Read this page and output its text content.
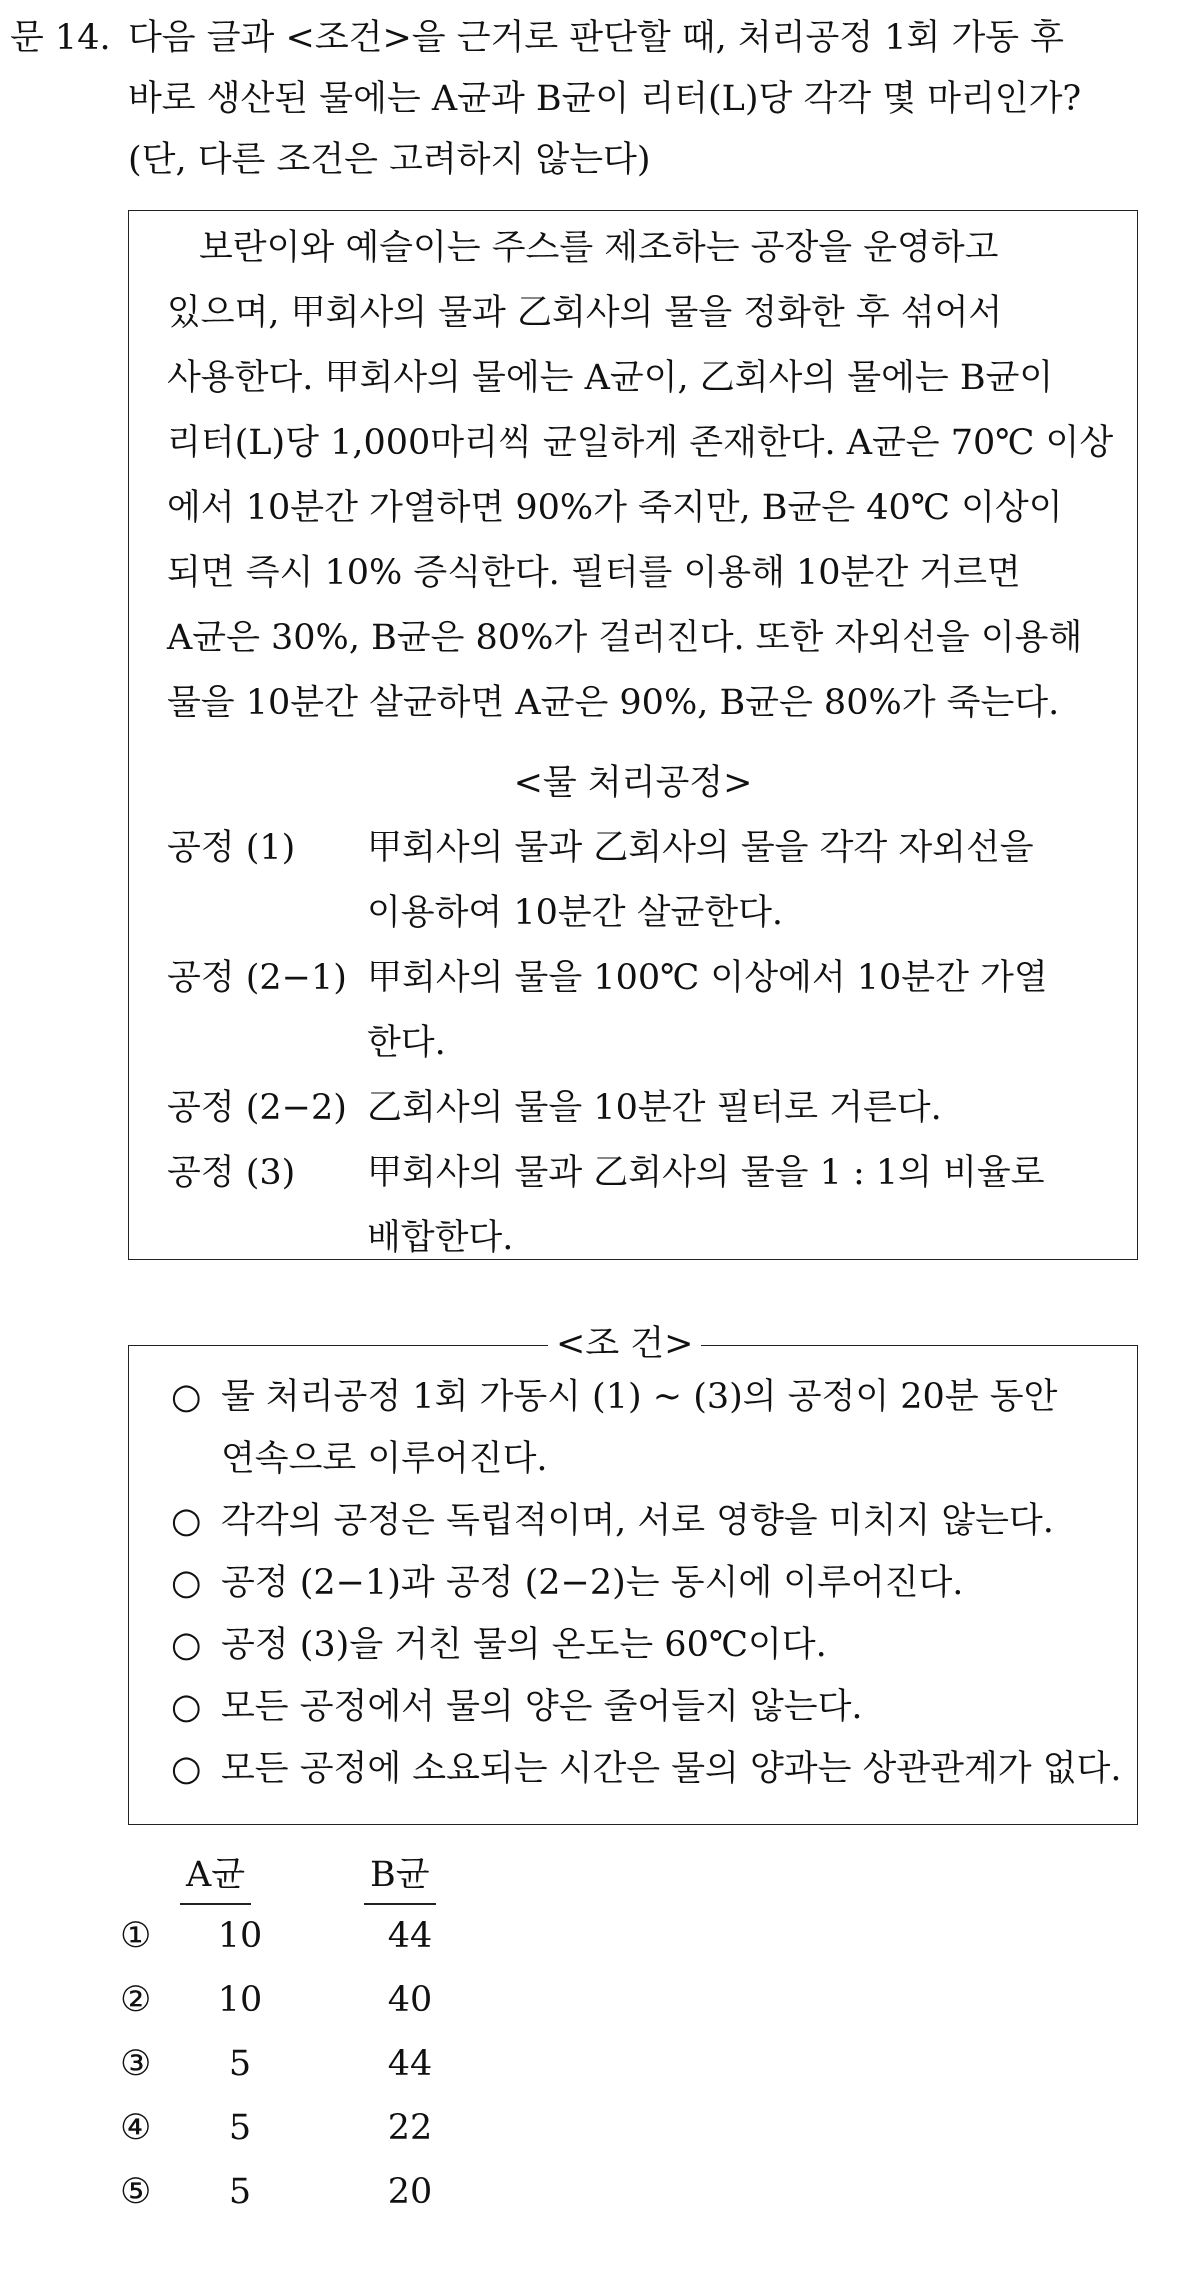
문 14. 다음 글과 <조건>을 근거로 판단할 때, 처리공정 1회 가동 후
바로 생산된 물에는 A균과 B균이 리터(L)당 각각 몇 마리인가?
(단, 다른 조건은 고려하지 않는다)
보란이와 예슬이는 주스를 제조하는 공장을 운영하고
있으며, 甲회사의 물과 乙회사의 물을 정화한 후 섞어서
사용한다. 甲회사의 물에는 A균이, 乙회사의 물에는 B균이
리터(L)당 1,000마리씩 균일하게 존재한다. A균은 70℃ 이상
에서 10분간 가열하면 90%가 죽지만, B균은 40℃ 이상이
되면 즉시 10% 증식한다. 필터를 이용해 10분간 거르면
A균은 30%, B균은 80%가 걸러진다. 또한 자외선을 이용해
물을 10분간 살균하면 A균은 90%, B균은 80%가 죽는다.
<물 처리공정>
공정 (1) 甲회사의 물과 乙회사의 물을 각각 자외선을
이용하여 10분간 살균한다.
공정 (2−1) 甲회사의 물을 100℃ 이상에서 10분간 가열
한다.
공정 (2−2) 乙회사의 물을 10분간 필터로 거른다.
공정 (3) 甲회사의 물과 乙회사의 물을 1 : 1의 비율로
배합한다.
○ 물 처리공정 1회 가동시 (1) ~ (3)의 공정이 20분 동안
연속으로 이루어진다.
○ 각각의 공정은 독립적이며, 서로 영향을 미치지 않는다.
○ 공정 (2−1)과 공정 (2−2)는 동시에 이루어진다.
○ 공정 (3)을 거친 물의 온도는 60℃이다.
○ 모든 공정에서 물의 양은 줄어들지 않는다.
○ 모든 공정에 소요되는 시간은 물의 양과는 상관관계가 없다.
<조 건>
A균	B균
①	10	44
②	10	40
③	5	44
④	5	22
⑤	5	20
